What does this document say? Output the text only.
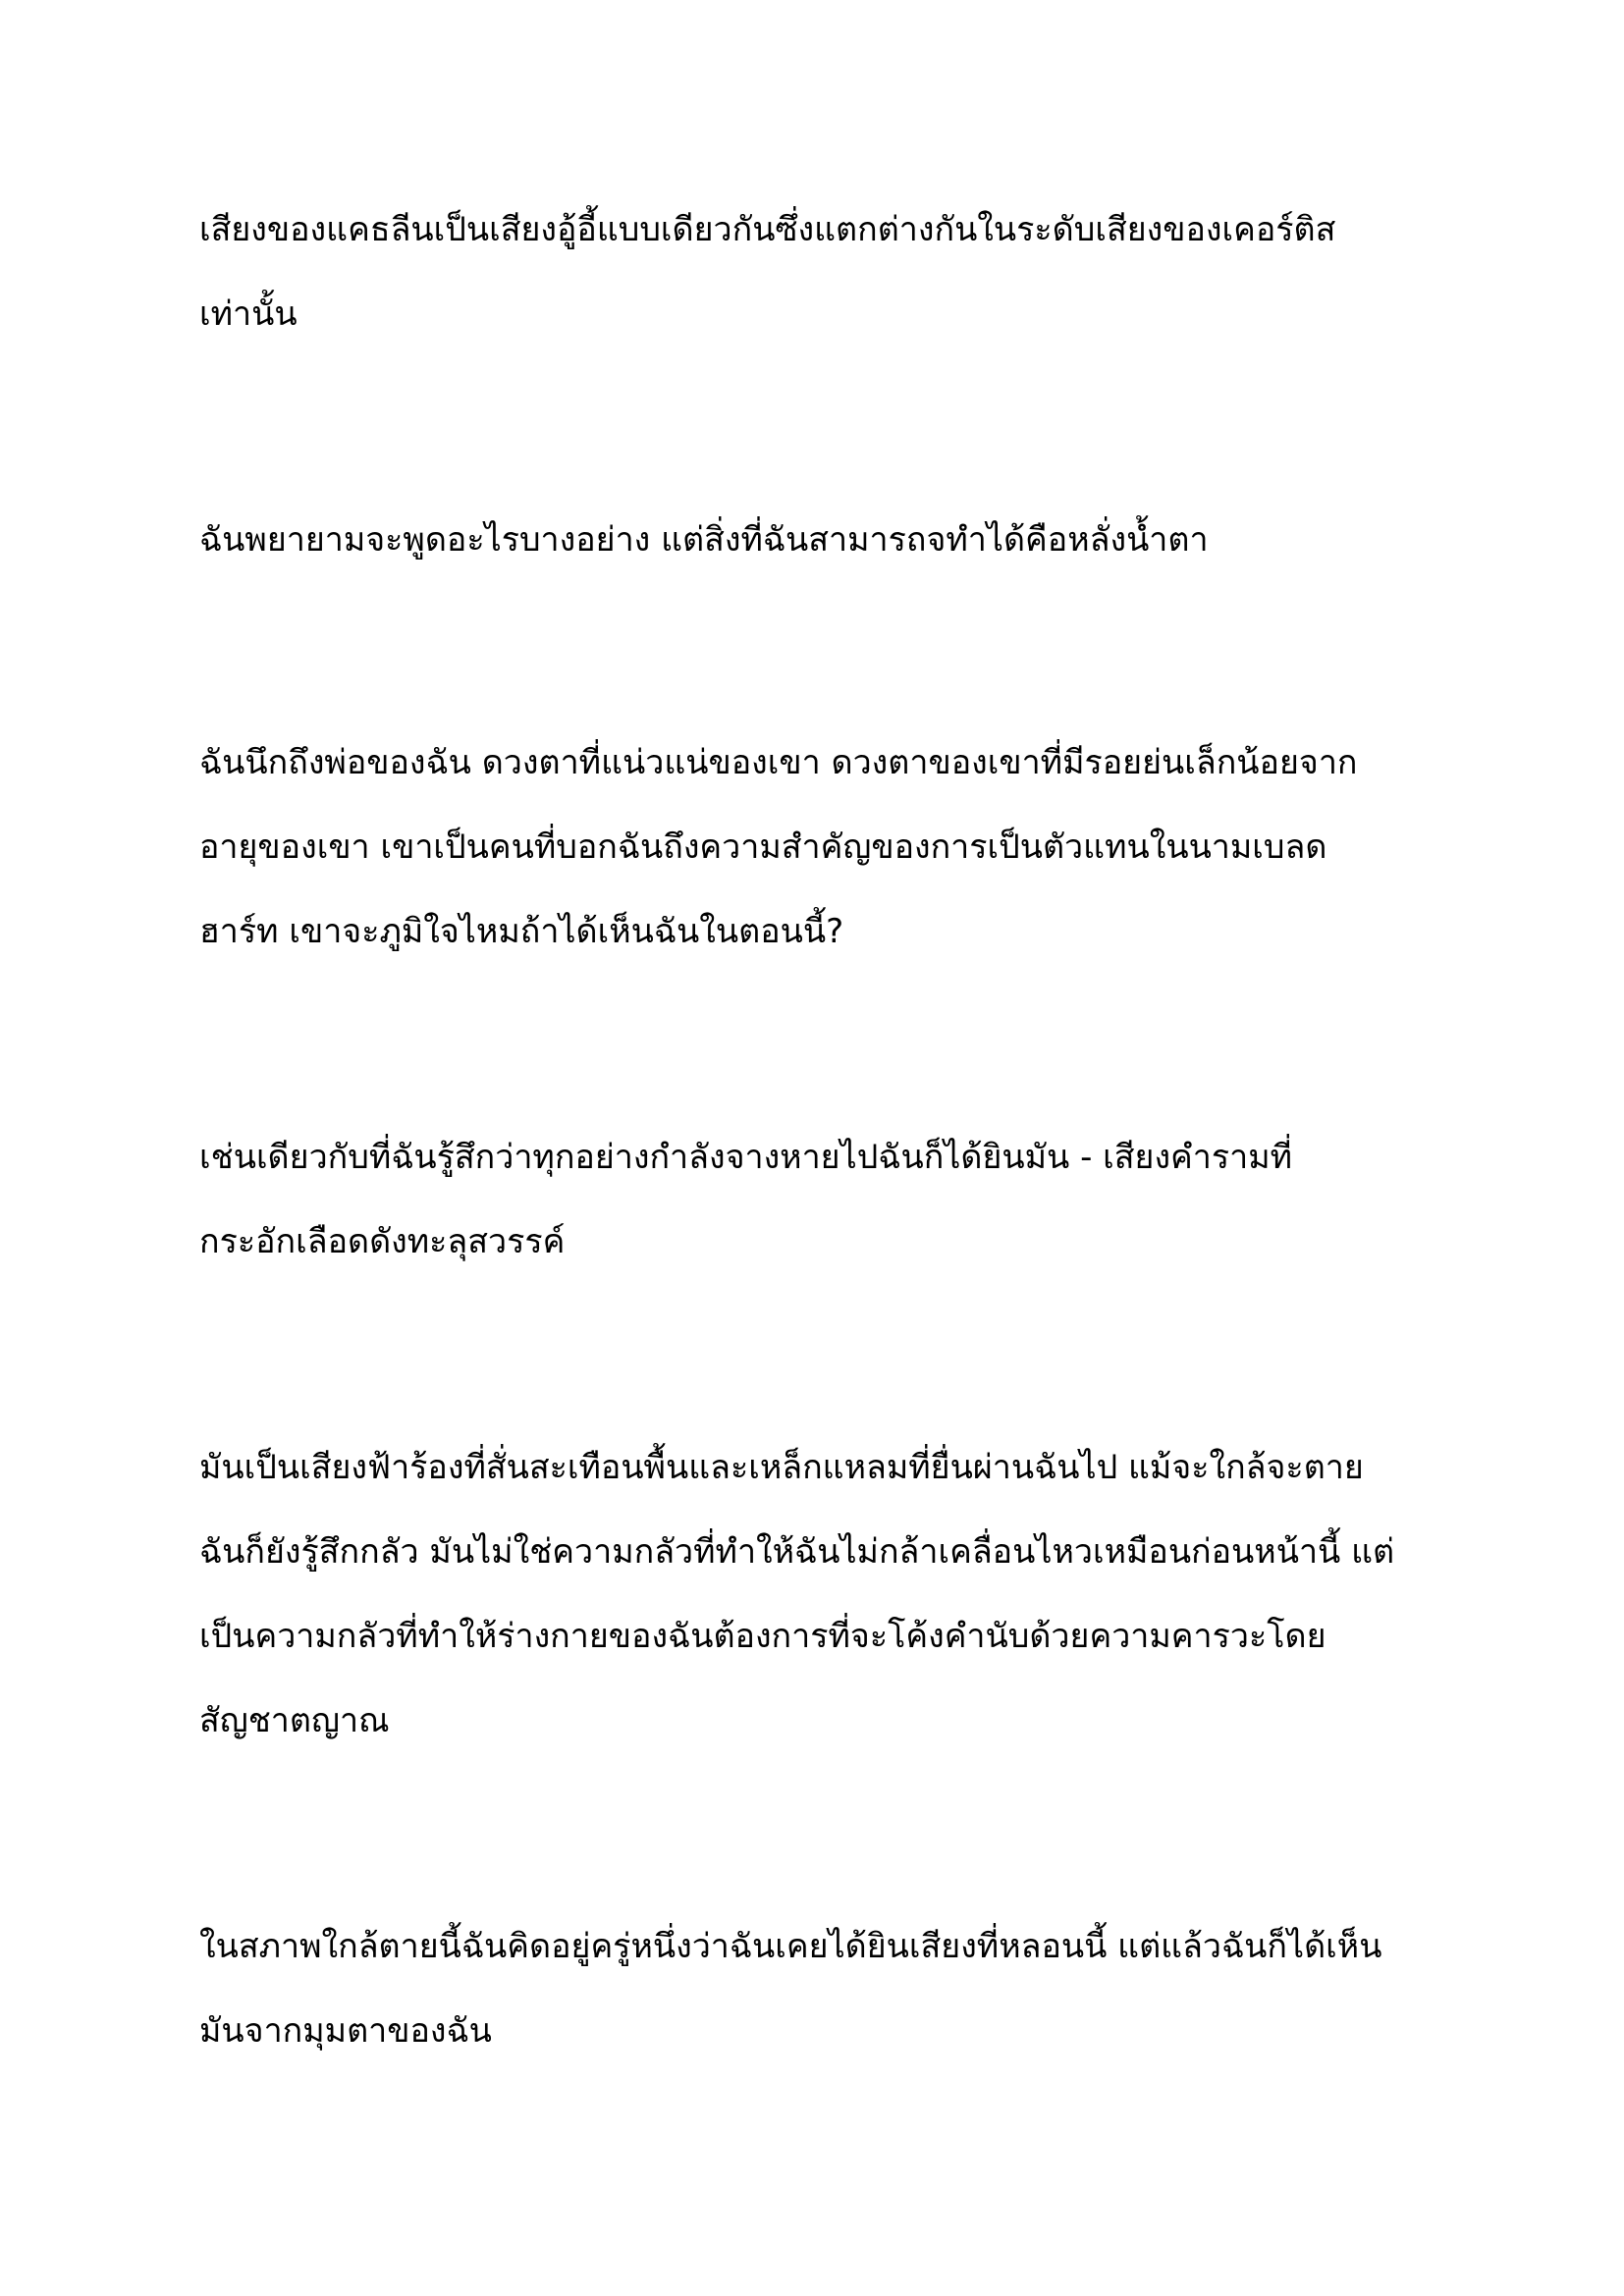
เสียงของแคธลีนเป็นเสียงอู้อี้แบบเดียวกันซึ่งแตกต่างกันในระดับเสียงของเคอร์ติส

เท่านั้น

ฉันพยายามจะพูดอะไรบางอย่าง แต่สิ่งที่ฉันสามารถจทำได้คือหลั่งน้ำตา

ฉันนึกถึงพ่อของฉัน ดวงตาที่แน่วแน่ของเขา ดวงตาของเขาที่มีรอยย่นเล็กน้อยจาก

อายุของเขา เขาเป็นคนที่บอกฉันถึงความสำคัญของการเป็นตัวแทนในนามเบลด

ฮาร์ท เขาจะภูมิใจไหมถ้าได้เห็นฉันในตอนนี้?

เช่นเดียวกับที่ฉันรู้สึกว่าทุกอย่างกำลังจางหายไปฉันก็ได้ยินมัน - เสียงคำรามที่

กระอักเลือดดังทะลุสวรรค์

มันเป็นเสียงฟ้าร้องที่สั่นสะเทือนพื้นและเหล็กแหลมที่ยื่นผ่านฉันไป แม้จะใกล้จะตาย

ฉันก็ยังรู้สึกกลัว มันไม่ใช่ความกลัวที่ทำให้ฉันไม่กล้าเคลื่อนไหวเหมือนก่อนหน้านี้ แต่

เป็นความกลัวที่ทำให้ร่างกายของฉันต้องการที่จะโค้งคำนับด้วยความคารวะโดย

สัญชาตญาณ

ในสภาพใกล้ตายนี้ฉันคิดอยู่ครู่หนึ่งว่าฉันเคยได้ยินเสียงที่หลอนนี้ แต่แล้วฉันก็ได้เห็น

มันจากมุมตาของฉัน
